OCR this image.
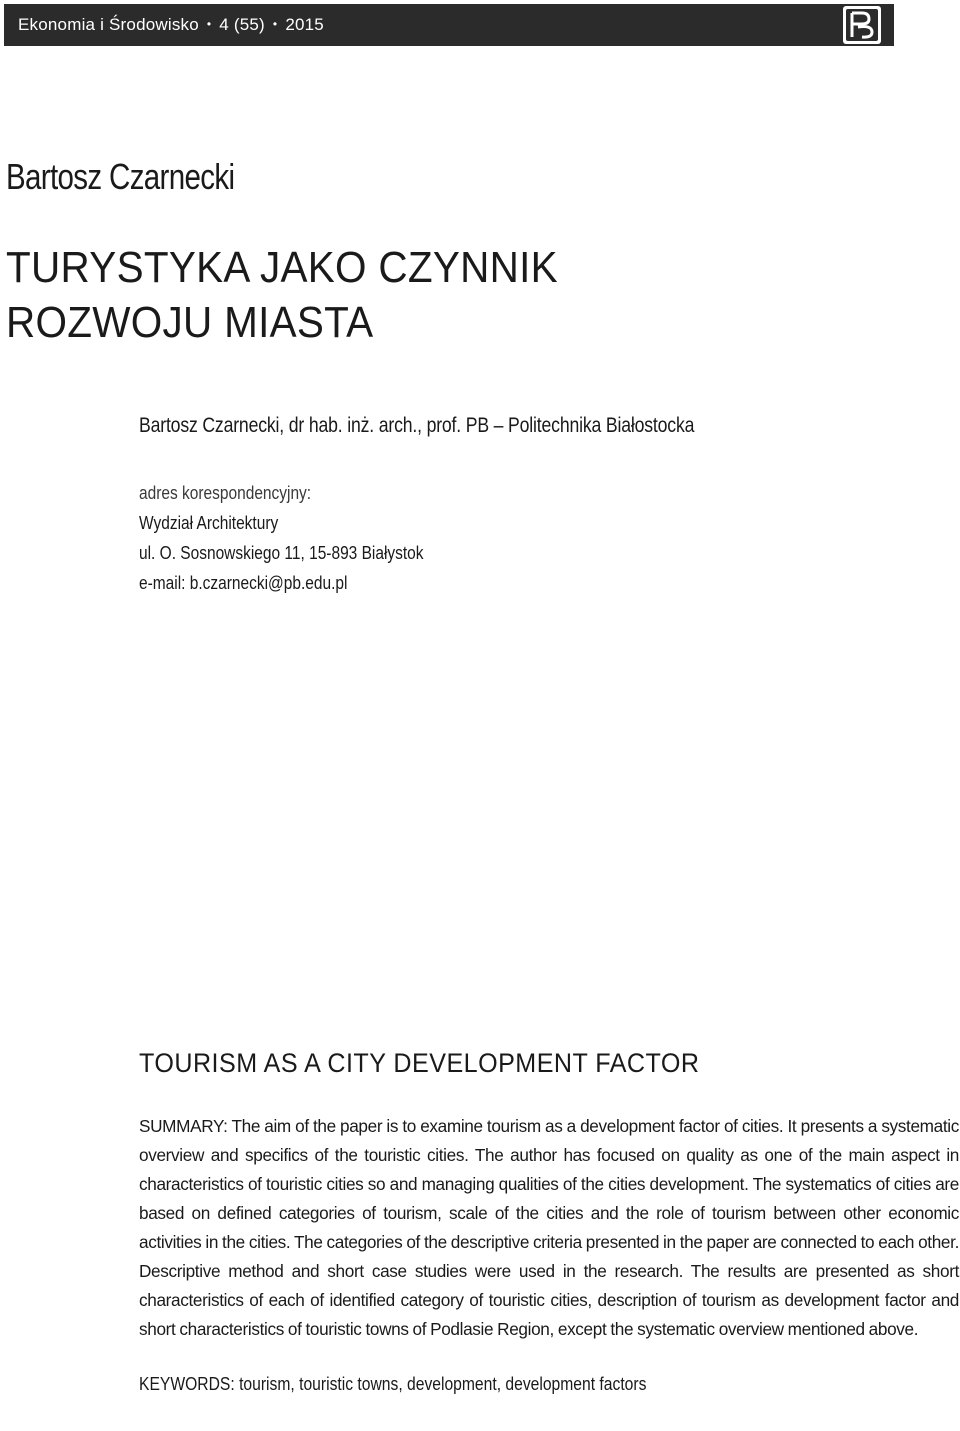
Ekonomia i Środowisko • 4 (55) • 2015
Bartosz Czarnecki
TURYSTYKA JAKO CZYNNIK
ROZWOJU MIASTA
Bartosz Czarnecki, dr hab. inż. arch., prof. PB – Politechnika Białostocka
adres korespondencyjny:
Wydział Architektury
ul. O. Sosnowskiego 11, 15-893 Białystok
e-mail: b.czarnecki@pb.edu.pl
TOURISM AS A CITY DEVELOPMENT FACTOR
SUMMARY: The aim of the paper is to examine tourism as a development factor of cities. It presents a systematic overview and specifics of the touristic cities. The author has focused on quality as one of the main aspect in characteristics of touristic cities so and managing qualities of the cities development. The systematics of cities are based on defined categories of tourism, scale of the cities and the role of tourism between other economic activities in the cities. The categories of the descriptive criteria presented in the paper are connected to each other. Descriptive method and short case studies were used in the research. The results are presented as short characteristics of each of identified category of touristic cities, description of tourism as development factor and short characteristics of touristic towns of Podlasie Region, except the systematic overview mentioned above.
KEYWORDS: tourism, touristic towns, development, development factors
